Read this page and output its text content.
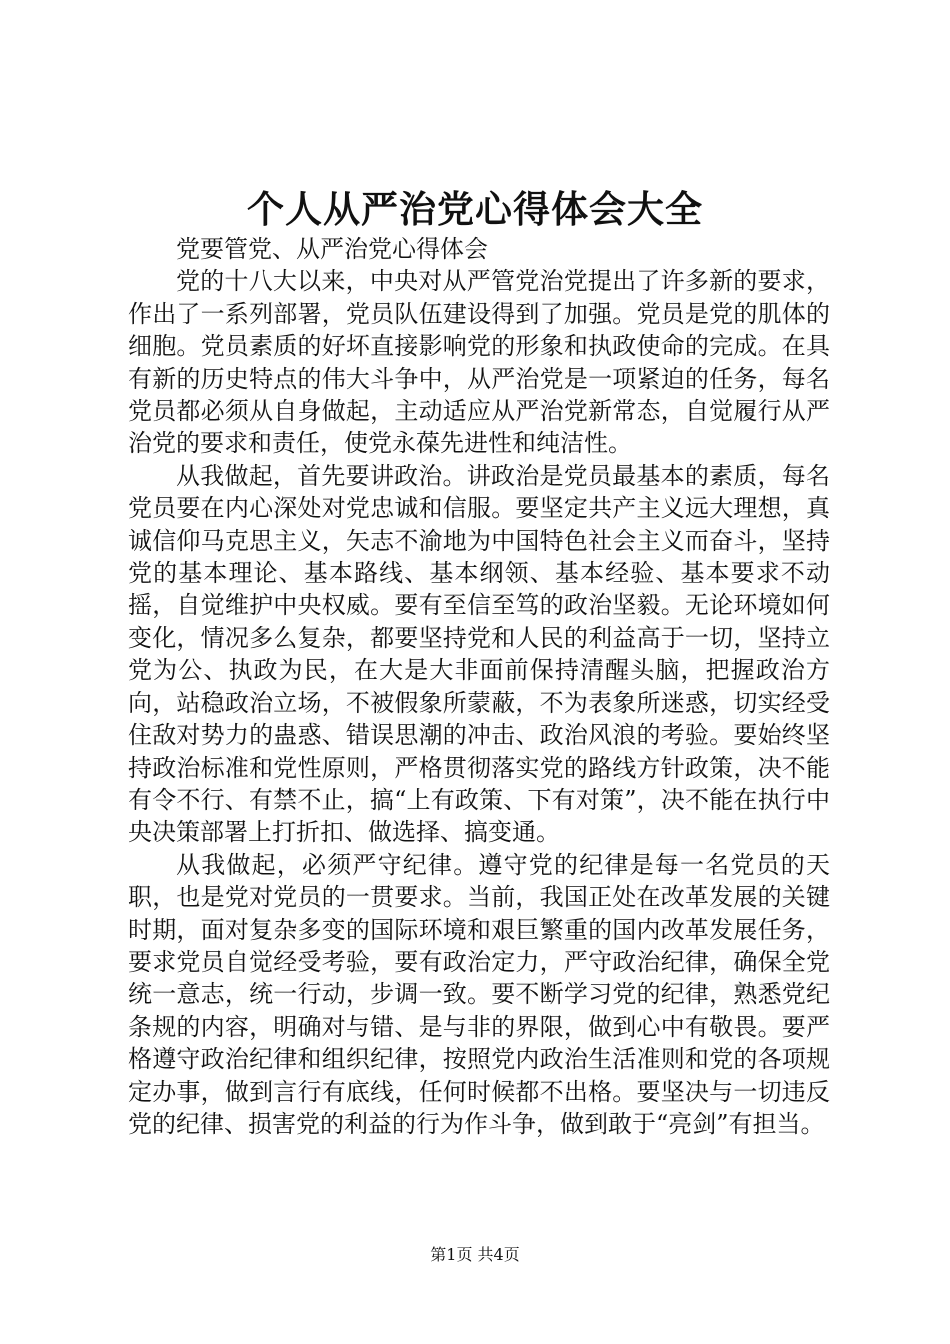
个人从严治党心得体会大全

党要管党、从严治党心得体会

党的十八大以来，中央对从严管党治党提出了许多新的要求，作出了一系列部署，党员队伍建设得到了加强。党员是党的肌体的细胞。党员素质的好坏直接影响党的形象和执政使命的完成。在具有新的历史特点的伟大斗争中，从严治党是一项紧迫的任务，每名党员都必须从自身做起，主动适应从严治党新常态，自觉履行从严治党的要求和责任，使党永葆先进性和纯洁性。

从我做起，首先要讲政治。讲政治是党员最基本的素质，每名党员要在内心深处对党忠诚和信服。要坚定共产主义远大理想，真诚信仰马克思主义，矢志不渝地为中国特色社会主义而奋斗，坚持党的基本理论、基本路线、基本纲领、基本经验、基本要求不动摇，自觉维护中央权威。要有至信至笃的政治坚毅。无论环境如何变化，情况多么复杂，都要坚持党和人民的利益高于一切，坚持立党为公、执政为民，在大是大非面前保持清醒头脑，把握政治方向，站稳政治立场，不被假象所蒙蔽，不为表象所迷惑，切实经受住敌对势力的蛊惑、错误思潮的冲击、政治风浪的考验。要始终坚持政治标准和党性原则，严格贯彻落实党的路线方针政策，决不能有令不行、有禁不止，搞“上有政策、下有对策”，决不能在执行中央决策部署上打折扣、做选择、搞变通。

从我做起，必须严守纪律。遵守党的纪律是每一名党员的天职，也是党对党员的一贯要求。当前，我国正处在改革发展的关键时期，面对复杂多变的国际环境和艰巨繁重的国内改革发展任务，要求党员自觉经受考验，要有政治定力，严守政治纪律，确保全党统一意志，统一行动，步调一致。要不断学习党的纪律，熟悉党纪条规的内容，明确对与错、是与非的界限，做到心中有敬畏。要严格遵守政治纪律和组织纪律，按照党内政治生活准则和党的各项规定办事，做到言行有底线，任何时候都不出格。要坚决与一切违反党的纪律、损害党的利益的行为作斗争，做到敢于“亮剑”有担当。

第1页 共4页
